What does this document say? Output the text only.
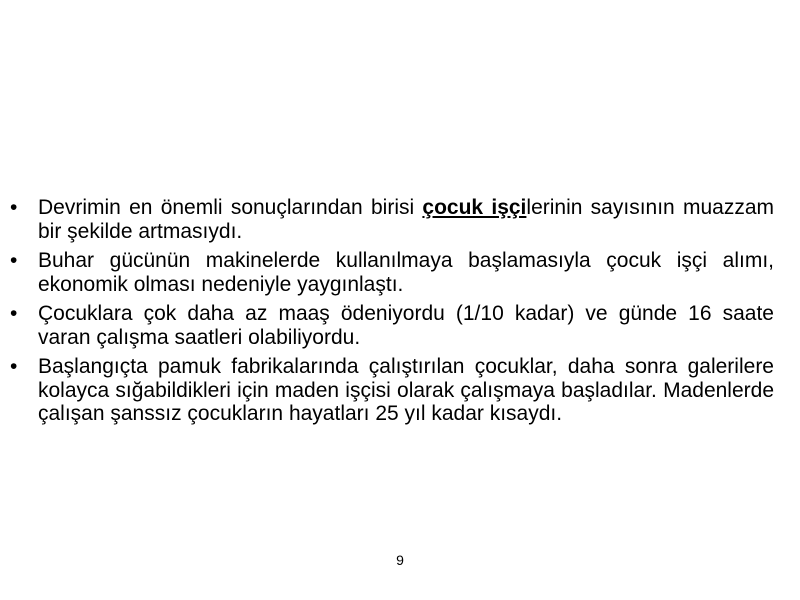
• Devrimin en önemli sonuçlarından birisi çocuk işçilerinin sayısının muazzam bir şekilde artmasıydı.
• Buhar gücünün makinelerde kullanılmaya başlamasıyla çocuk işçi alımı, ekonomik olması nedeniyle yaygınlaştı.
• Çocuklara çok daha az maaş ödeniyordu (1/10 kadar) ve günde 16 saate varan çalışma saatleri olabiliyordu.
• Başlangıçta pamuk fabrikalarında çalıştırılan çocuklar, daha sonra galerilere kolayca sığabildikleri için maden işçisi olarak çalışmaya başladılar. Madenlerde çalışan şanssız çocukların hayatları 25 yıl kadar kısaydı.
9
